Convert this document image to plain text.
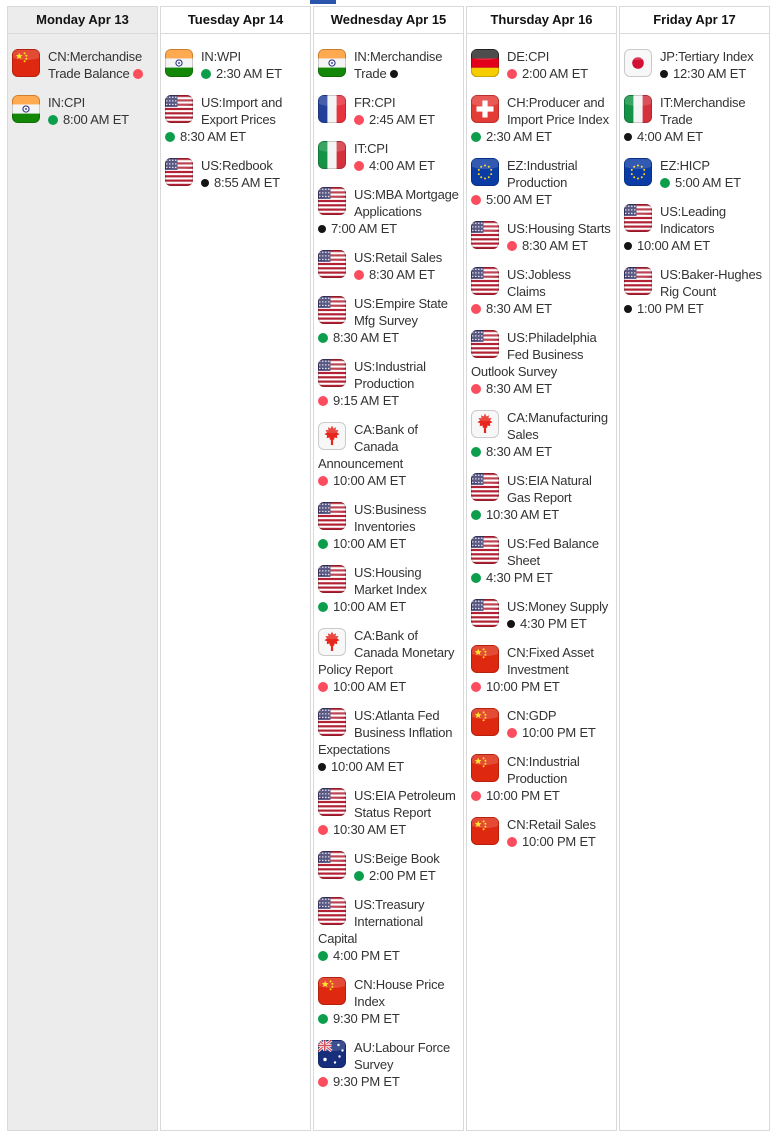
Monday Apr 13
CN:Merchandise Trade Balance
IN:CPI
8:00 AM ET
Tuesday Apr 14
IN:WPI
2:30 AM ET
US:Import and Export Prices
8:30 AM ET
US:Redbook
8:55 AM ET
Wednesday Apr 15
IN:Merchandise Trade
FR:CPI
2:45 AM ET
IT:CPI
4:00 AM ET
US:MBA Mortgage Applications
7:00 AM ET
US:Retail Sales
8:30 AM ET
US:Empire State Mfg Survey
8:30 AM ET
US:Industrial Production
9:15 AM ET
CA:Bank of Canada Announcement
10:00 AM ET
US:Business Inventories
10:00 AM ET
US:Housing Market Index
10:00 AM ET
CA:Bank of Canada Monetary Policy Report
10:00 AM ET
US:Atlanta Fed Business Inflation Expectations
10:00 AM ET
US:EIA Petroleum Status Report
10:30 AM ET
US:Beige Book
2:00 PM ET
US:Treasury International Capital
4:00 PM ET
CN:House Price Index
9:30 PM ET
AU:Labour Force Survey
9:30 PM ET
Thursday Apr 16
DE:CPI
2:00 AM ET
CH:Producer and Import Price Index
2:30 AM ET
EZ:Industrial Production
5:00 AM ET
US:Housing Starts
8:30 AM ET
US:Jobless Claims
8:30 AM ET
US:Philadelphia Fed Business Outlook Survey
8:30 AM ET
CA:Manufacturing Sales
8:30 AM ET
US:EIA Natural Gas Report
10:30 AM ET
US:Fed Balance Sheet
4:30 PM ET
US:Money Supply
4:30 PM ET
CN:Fixed Asset Investment
10:00 PM ET
CN:GDP
10:00 PM ET
CN:Industrial Production
10:00 PM ET
CN:Retail Sales
10:00 PM ET
Friday Apr 17
JP:Tertiary Index
12:30 AM ET
IT:Merchandise Trade
4:00 AM ET
EZ:HICP
5:00 AM ET
US:Leading Indicators
10:00 AM ET
US:Baker-Hughes Rig Count
1:00 PM ET
